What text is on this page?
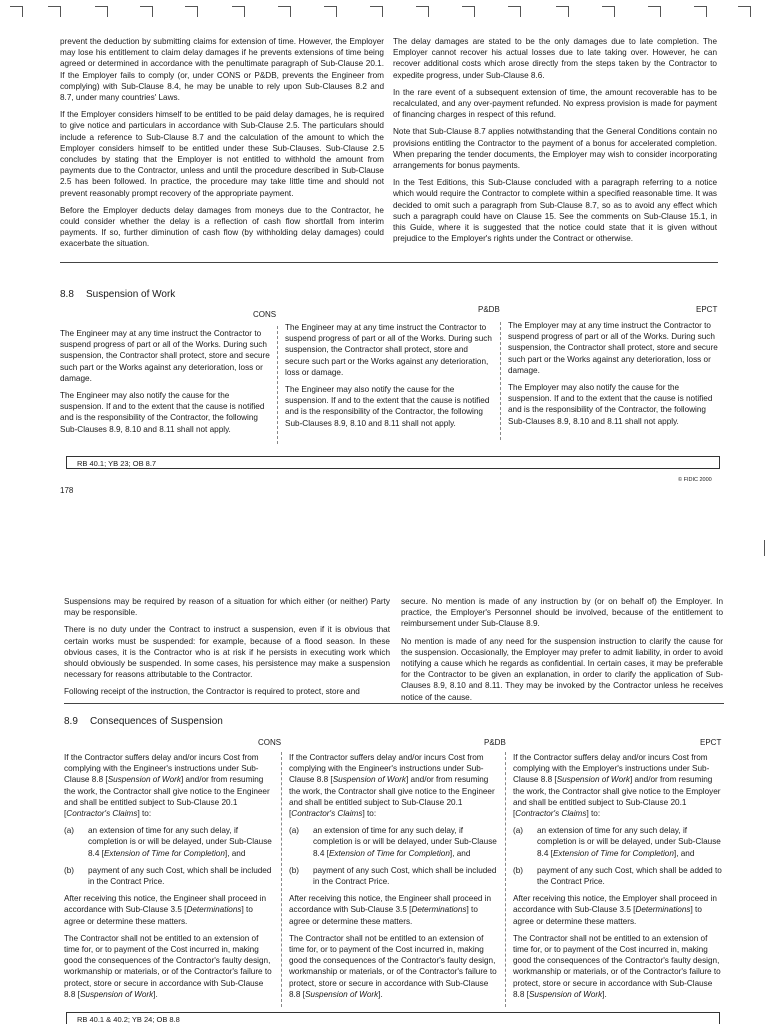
prevent the deduction by submitting claims for extension of time. However, the Employer may lose his entitlement to claim delay damages if he prevents extensions of time being agreed or determined in accordance with the penultimate paragraph of Sub-Clause 20.1. If the Employer fails to comply (or, under CONS or P&DB, prevents the Engineer from complying) with Sub-Clause 8.4, he may be unable to rely upon Sub-Clauses 8.2 and 8.7, under many countries' Laws.

If the Employer considers himself to be entitled to be paid delay damages, he is required to give notice and particulars in accordance with Sub-Clause 2.5. The particulars should include a reference to Sub-Clause 8.7 and the calculation of the amount to which the Employer considers himself to be entitled under these Sub-Clauses. Sub-Clause 2.5 concludes by stating that the Employer is not entitled to withhold the amount from payments due to the Contractor, unless and until the procedure described in Sub-Clause 2.5 has been followed. In practice, the procedure may take little time and should not prevent reasonably prompt recovery of the appropriate payment.

Before the Employer deducts delay damages from moneys due to the Contractor, he could consider whether the delay is a reflection of cash flow shortfall from interim payments. If so, further diminution of cash flow (by withholding delay damages) could exacerbate the situation.

The delay damages are stated to be the only damages due to late completion. The Employer cannot recover his actual losses due to late taking over. However, he can recover additional costs which arose directly from the steps taken by the Contractor to expedite progress, under Sub-Clause 8.6.

In the rare event of a subsequent extension of time, the amount recoverable has to be recalculated, and any over-payment refunded. No express provision is made for payment of financing charges in respect of this refund.

Note that Sub-Clause 8.7 applies notwithstanding that the General Conditions contain no provisions entitling the Contractor to the payment of a bonus for accelerated completion. When preparing the tender documents, the Employer may wish to consider incorporating arrangements for bonus payments.

In the Test Editions, this Sub-Clause concluded with a paragraph referring to a notice which would require the Contractor to complete within a specified reasonable time. It was decided to omit such a paragraph from Sub-Clause 8.7, so as to avoid any effect which such a paragraph could have on Clause 15. See the comments on Sub-Clause 15.1, in this Guide, where it is suggested that the notice could state that it is given without prejudice to the Employer's rights under the Contract or otherwise.

8.8 Suspension of Work
CONS
P&DB	EPCT

The Engineer may at any time instruct the Contractor to suspend progress of part or all of the Works. During such suspension, the Contractor shall protect, store and secure such part or the Works against any deterioration, loss or damage.

The Engineer may also notify the cause for the suspension. If and to the extent that the cause is notified and is the responsibility of the Contractor, the following Sub-Clauses 8.9, 8.10 and 8.11 shall not apply.

The Engineer may at any time instruct the Contractor to suspend progress of part or all of the Works. During such suspension, the Contractor shall protect, store and secure such part or the Works against any deterioration, loss or damage.

The Engineer may also notify the cause for the suspension. If and to the extent that the cause is notified and is the responsibility of the Contractor, the following Sub-Clauses 8.9, 8.10 and 8.11 shall not apply.

The Employer may at any time instruct the Contractor to suspend progress of part or all of the Works. During such suspension, the Contractor shall protect, store and secure such part or the Works against any deterioration, loss or damage.

The Employer may also notify the cause for the suspension. If and to the extent that the cause is notified and is the responsibility of the Contractor, the following Sub-Clauses 8.9, 8.10 and 8.11 shall not apply.

RB 40.1; YB 23; OB 8.7
178
© FIDIC 2000

Suspensions may be required by reason of a situation for which either (or neither) Party may be responsible.

There is no duty under the Contract to instruct a suspension, even if it is obvious that certain works must be suspended: for example, because of a flood season. In these obvious cases, it is the Contractor who is at risk if he persists in executing work which should obviously be suspended. In some cases, his persistence may make a suspension necessary for reasons attributable to the Contractor.

Following receipt of the instruction, the Contractor is required to protect, store and

secure. No mention is made of any instruction by (or on behalf of) the Employer. In practice, the Employer's Personnel should be involved, because of the entitlement to reimbursement under Sub-Clause 8.9.

No mention is made of any need for the suspension instruction to clarify the cause for the suspension. Occasionally, the Employer may prefer to admit liability, in order to avoid notifying a cause which he regards as confidential. In certain cases, it may be preferable for the Contractor to be given an explanation, in order to clarify the application of Sub-Clauses 8.9, 8.10 and 8.11. They may be invoked by the Contractor unless he receives notice of the cause.

8.9 Consequences of Suspension
CONS	P&DB	EPCT

If the Contractor suffers delay and/or incurs Cost from complying with the Engineer's instructions under Sub-Clause 8.8 [Suspension of Work] and/or from resuming the work, the Contractor shall give notice to the Engineer and shall be entitled subject to Sub-Clause 20.1 [Contractor's Claims] to:

(a)	an extension of time for any such delay, if completion is or will be delayed, under Sub-Clause 8.4 [Extension of Time for Completion], and
(b)	payment of any such Cost, which shall be included in the Contract Price.

After receiving this notice, the Engineer shall proceed in accordance with Sub-Clause 3.5 [Determinations] to agree or determine these matters.

The Contractor shall not be entitled to an extension of time for, or to payment of the Cost incurred in, making good the consequences of the Contractor's faulty design, workmanship or materials, or of the Contractor's failure to protect, store or secure in accordance with Sub-Clause 8.8 [Suspension of Work].

If the Contractor suffers delay and/or incurs Cost from complying with the Engineer's instructions under Sub-Clause 8.8 [Suspension of Work] and/or from resuming the work, the Contractor shall give notice to the Engineer and shall be entitled subject to Sub-Clause 20.1 [Contractor's Claims] to:

(a)	an extension of time for any such delay, if completion is or will be delayed, under Sub-Clause 8.4 [Extension of Time for Completion], and
(b)	payment of any such Cost, which shall be included in the Contract Price.

After receiving this notice, the Engineer shall proceed in accordance with Sub-Clause 3.5 [Determinations] to agree or determine these matters.

The Contractor shall not be entitled to an extension of time for, or to payment of the Cost incurred in, making good the consequences of the Contractor's faulty design, workmanship or materials, or of the Contractor's failure to protect, store or secure in accordance with Sub-Clause 8.8 [Suspension of Work].

If the Contractor suffers delay and/or incurs Cost from complying with the Employer's instructions under Sub-Clause 8.8 [Suspension of Work] and/or from resuming the work, the Contractor shall give notice to the Employer and shall be entitled subject to Sub-Clause 20.1 [Contractor's Claims] to:

(a)	an extension of time for any such delay, if completion is or will be delayed, under Sub-Clause 8.4 [Extension of Time for Completion], and
(b)	payment of any such Cost, which shall be added to the Contract Price.

After receiving this notice, the Employer shall proceed in accordance with Sub-Clause 3.5 [Determinations] to agree or determine these matters.

The Contractor shall not be entitled to an extension of time for, or to payment of the Cost incurred in, making good the consequences of the Contractor's faulty design, workmanship or materials, or of the Contractor's failure to protect, store or secure in accordance with Sub-Clause 8.8 [Suspension of Work].

RB 40.1 & 40.2; YB 24; OB 8.8
